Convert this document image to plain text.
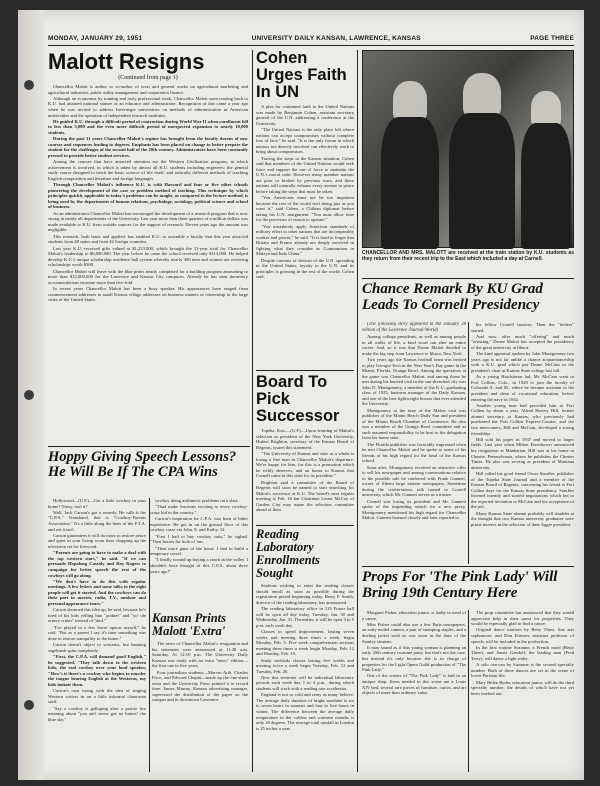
MONDAY, JANUARY 29, 1951	UNIVERSITY DAILY KANSAN, LAWRENCE, KANSAS	PAGE THREE
Malott Resigns
(Continued from page 1)

Chancellor Malott is author or co-author of texts and general works on agricultural marketing and agricultural industries, public utility management and corporation finance.

Although an economist by training and early professional work, Chancellor Malott soon coming back to K.U. had attained national stature as an educator and administrator. Recognition of this came a year ago when he was invited to address Invernegie universities on methods of administration in American universities and the operation of independent research institutes.

He guided K.U. through a difficult period of contraction during World War II when enrollment fell to less than 3,000 and the even more difficult period of unexpected expansion to nearly 10,000 students.

During the past 11 years Chancellor Malott's regime has brought from the faculty dozens of new courses and sequences leading to degrees. Emphasis has been placed on change to better prepare the student for the challenges of the second half of the 20th century. Administrators have been constantly pressed to provide better student services.

Among the courses that have attracted attention are the Western Civilization program, in which achievement is involved, in which is taken by almost all K.U. students including engineers; the general study course designed to teach the basic science of life itself; and radically different methods of teaching English composition and literature and foreign languages.

Through Chancellor Malott's influence K.U. is with Harvard and four or five other schools pioneering the development of the case or problem method of teaching. This technique by which principles quickly applicable to today's problems can be taught, as compared to the lecture method, is being used by the departments of human relations, psychology, sociology, political science and school of business.

As an administrator Chancellor Malott has encouraged the development of a research program that is now strong in nearly all departments of the University. Last year more than three quarters of a million dollars was made available to K.U. from outside sources for the support of research. Eleven years ago the amount was negligible.

This research, both basic and applied, has enabled K.U. to assemble a faculty that this year attracted students from 48 states and from 42 foreign countries.

Last year K.U. received gifts valued at $1,233,000, which brought the 11-year total for Chancellor Malott's leadership to $6,880,000. The year before he came the school received only $113,000. He helped develop K.U.'s unique scholarship residence hall system whereby nearly 300 men and women are receiving scholarships worth $300.

Chancellor Malott will leave with the blue prints nearly completed for a building program amounting to more than $12,000,000 for the Lawrence and Kansas City campuses. Already he has seen dormitory accommodations increase more than five-fold.

In recent years Chancellor Malott has been a busy speaker. His appearances have ranged from commencement addresses to small Kansas village addresses on business matters or citizenship in the large cities of the United States.

Hoppy Giving Speech Lessons? He Will Be If The CPA Wins

Hollywood—(U.P.)—Got a little cowboy in your home? Noisy, isn't it?

Well, Jack Carson's got a remedy. He calls it the "C.P.A." Translated, that is "Cowboy-Parents Association." It's a little along the lines of the P.T.A. and yet it isn't.

Carson guarantees it will do more to restore peace and quiet in your living room than chopping up the television set for firewood.

"Parents are going to have to make a deal with the top western stars," he said. "If we can persuade Hopalong Cassidy and Roy Rogers to campaign for better speech the rest of the cowboys will go along.

"We don't have to do this with regular meetings. A few letters and some talks to the right people will get it started. And the cowboys can do their part in movies, radio, T.V., outdoor and personal appearance tours."

Carson dreamed this idea up, he said, because he's tired of his kids yelling him "podner" and "yo' ole ornery critter" instead of "dad."

"I've played in a few horse operas myself," he said. "But as a parent I say it's time something was done to restore tranquility to the home."

Carson doesn't object to westerns, but banning sagebrush spim completely.

"First, the C.P.A. will demand good English," he suggested. "They talk down to the western kids, the real cowboy over your loud speaker, "How's it there's a cowboy who begins to murder the tongue hearing English at the Westerns, my kids imitate them.

Carson's own trying with the idea of singing Western writers in on a little informal classroom stuff.

"Say a cowboy is galloping after a prairie fire meaning about "you ain't never got no brains" the blue sky."

cowboy doing arithmetic problems on a slate.

"Thad make fractions exciting to every cowboy-crazy kid in the country."

Carson's inspiration for C.P.A. was born of bitter experience. He got in on the ground floor of this cowboy craze via John, 8, and Kathy, 12.

"First I had to buy cowboy suits," he sighed. "Then horses for both of 'em.

"Then more guns of the horse. I had to build a temporary corral.

"I finally wound up buying a ranch in the valley. I shouldn't have thought of this C.P.A. about three years ago!"

Kansan Prints Malott 'Extra'

The news of Chancellor Malott's resignation and his statement were announced at 11:38 a.m. Saturday. At 12:10 p.m. The University Daily Kansan was ready with an extra "news" edition—the first one in five years.

Four journalism students—Marvin Arth, Charles Price, and Edward Chapin—made up the one-sheet extra and the University Press printed it in record time. James Murray, Kansan advertising manager, supervised the distribution of the paper on the campus and in downtown Lawrence.

Cohen Urges Faith In UN

A plea for continued faith in the United Nations was made by Benjamin Cohen, assistant secretary general of the U.N. addressing a conference at the University.

"The United Nations is the only place left where nations can accept compromises without complete loss of face," he said. "It is the only forum in which nations too directly involved can effectively work to bring about compromises.

Tracing the steps in the Kansas situation, Cohen said that members of the United Nations would seek force and support the use of force to maintain the U.N.'s moral code. However many member nations are poor or broken by previous wars, and these nations will naturally exhaust every avenue to peace before taking the steps that must be taken.

"You Americans must not be too impatient because the rest of the world isn't doing just as you want it," said Cohen, a Chilean diplomat before taking his U.N. assignment. "You must allow time for the processes of reason to operate."

"You mistakenly apply American standards of military effort to other nations that are incomparably weaker and poorer," he said. "It is hard to forget that Britain and France already are deeply involved in fighting what they consider as Communism in Malaya and Indo China."

Despite currents of distrust of the U.N. spreading in the United States, loyalty to the U.N. and its principles is growing in the rest of the world, Cohen said.

Board To Pick Successor

Topeka, Kan.—(U.P.)—Upon learning of Malott's selection as president of the New York University, Hubert Brighton, secretary of the Kansas Board of Regents, issued this statement:

"The University of Kansas and state as a whole is losing a fine man in Chancellor Malott's departure. We're happy for him, for this is a promotion which he richly deserves, and an honor to Kansas that Cornell came to this state for its president."

Brighton said a committee of the Board of Regents will soon be named to start searching for Malott's successor at K.U. The board's next regular meeting is Feb. 16 but Chairman Lester McCoy of Garden City may name the selection committee ahead of then.

Reading Laboratory Enrollments Sought

Students wishing to enter the reading classes should enroll as soon as possible during the registration period beginning today, Betsy P. Smith, director of the reading laboratory, has announced.

The reading laboratory office in 119 Fraser hall will be open all day today, Tuesday, Jan. 30 and Wednesday, Jan. 31. Thereafter, it will be open 3 to 5 p.m. each week day.

Classes in speed improvement, lasting seven weeks and meeting three times a week, begin Monday, Feb. 5. Five week comprehension sections meeting three times a week begin Monday, Feb. 12 and Monday, Feb. 19.

Study methods classes lasting five weeks and meeting twice a week begin Tuesday, Feb. 13 and Tuesday, Feb. 20.

New this semester will be individual laboratory periods each week day 1 to 4 p.m., during which students will work with a reading rate accelerator.

England is not so cold and rainy as many believe. The average daily duration of bright sunshine is six to seven hours in summer and four to five hours in winter. The difference between the average daily temperature in the coldest and warmest months is only 20 degrees. The average total rainfall in London is 25 inches a year.

CHANCELLOR AND MRS. MALOTT are received at the train station by K.U. students as they return from their recent trip to the East which included a day at Carnell.
Chance Remark By KU Grad Leads To Cornell Presidency

(The following story appeared in the January 28 edition of the Lawrence Journal-World)

Among college presidents, as well as among people in all walks of life, a kind word can alter an entire career. And, so it was that Deane Malott decided to make the big step from Lawrence to Ithaca, New York.

Two years ago the Kansas football team was invited to play Georgia Tech in the New Year's Day game in the Miami, Florida, Orange Bowl. Among the spectators at the game was Chancellor Malott, and among those he met during his hurried visit in the sun-drenched city was John D. Montgomery, a member of the K.U. graduating class of 1925, business manager of the Daily Kansan, and one of the best lightweight boxers that ever attended the University.

Montgomery at the time of the Malott visit was publisher of the Miami Beach Daily Sun and president of the Miami Beach Chamber of Commerce. He also was a member of the Orange Bowl committee and as such assumed responsibility to be host to the delegation from his home state.

The Florida publisher was favorably impressed when he met Chancellor Malott and he spoke to some of his friends of his high regard for the head of the Kansas school.

Soon after, Montgomery received an attractive offer to sell his newspaper and among conversations relative to the possible sale he conferred with Frank Gannett, owner of fifteen large eastern newspapers. Sometime during the conversation, talk turned to Cornell university, which Mr. Gannett serves as a trustee.

Cornell was losing its president and Mr. Gannett spoke of the impending search for a new prexy. Montgomery mentioned his high regard for Chancellor Malott. Gannett listened closely and later reported to

his fellow Cornell trustees. Then the "feelers" started.

And now, after much "offering" and much "resisting," Deane Malott has accepted the presidency of the great university at Ithaca.

The kind appraisal spoken by John Montgomery two years ago is not far unlike a chance acquaintanceship with a K.U. grad which put Deane McCain in the president's chair at Kansas State college last fall.

As a young Hutchinson lad, Mr. McCain went to Fort Collins, Colo., in 1929 to join the faculty of Colorado A. and M., where he became assistant to the president and dean of vocational education, before entering the navy in 1942.

Another young man had preceded him to Fort Collins by about a year, Alfred Harvey Hill, former alumni secretary at Kansas, who previously had purchased the Fort Collins Express-Courier, and the two newcomers, Hill and McCain, developed a strong friendship.

Hill sold his paper in 1937 and moved to larger fields. Last year when Milton Eisenhower announced his resignation at Manhattan, Hill was at his home in Chester, Pennsylvania, where he publishes the Chester Times. He also was serving as president of Montana university.

Hill called his good friend Oscar Stauffer, publisher of the Topeka State Journal and a member of the Kansas Board of Regents, concerning his friend at Fort Collins days for the Kansas State presidency. Stauffer listened intently and started negotiations which led to the reported invitation to McCain and his acceptance of the job.

Many Kansas State alumni probably will shudder at the thought that two Kansas university graduates were prime movers in the selection of their Aggie president.

Props For 'The Pink Lady' Will Bring 19th Century Here

Margaret Fisher, education junior, is badly in need of a canoe.

Miss Fisher could also use a few Paris newspapers, an early model camera, a pair of stomping staples, and a dueling jacket such as was worn in the days of the Stanley steamer.

It may sound as if this young woman is planning an early 20th century costume party, but that's not the case, but instead it's only because she is in charge of properties for the Light Opera Guild production of "The Pink Lady."

One of the scenes of "The Pink Lady" is laid in an antique shop. Items needed in this scene are a Louis XIV bed, several rare pieces of furniture, curios, and art objects of more than ordinary value.

The prop committee has announced that they would appreciate help in their quest for properties. They would be especially glad to find a canoe.

Original dance routines by Betty Thiee, fine arts sophomore, and Don Eliesser, assistant professor of speech, will be included in the production.

In the first routine Suzanne, a French maid (Betty Thiee), and James Gandolf, the leading man (Fred Terry), will dance a light waltz.

A solo can-can by Suzanne is the second specialty number. Both of these dances are set in the scene of lower Parisian life.

Mary Helen Ryder, education junior, will do the third specialty number, the details of which have not yet been worked out.
